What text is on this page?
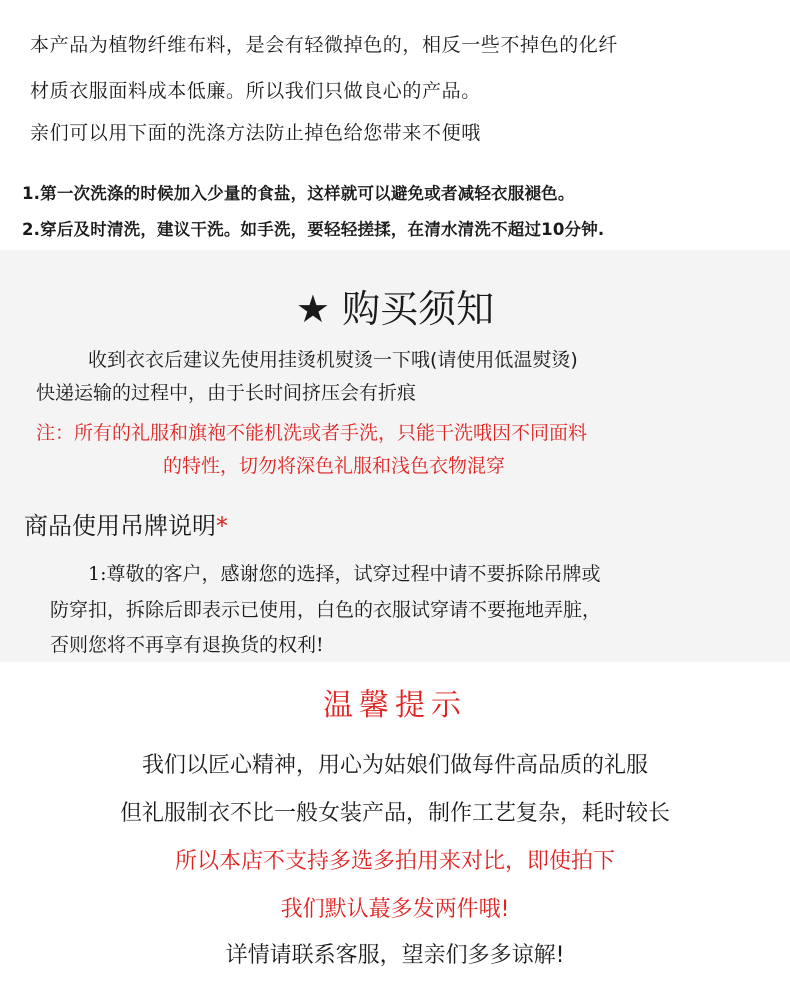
本产品为植物纤维布料，是会有轻微掉色的，相反一些不掉色的化纤
材质衣服面料成本低廉。所以我们只做良心的产品。
亲们可以用下面的洗涤方法防止掉色给您带来不便哦
1.第一次洗涤的时候加入少量的食盐，这样就可以避免或者减轻衣服褪色。
2.穿后及时清洗，建议干洗。如手洗，要轻轻搓揉，在清水清洗不超过10分钟.
★ 购买须知
收到衣衣后建议先使用挂烫机熨烫一下哦(请使用低温熨烫)
快递运输的过程中，由于长时间挤压会有折痕
注：所有的礼服和旗袍不能机洗或者手洗，只能干洗哦因不同面料
的特性，切勿将深色礼服和浅色衣物混穿
商品使用吊牌说明*
1:尊敬的客户，感谢您的选择，试穿过程中请不要拆除吊牌或
防穿扣，拆除后即表示已使用，白色的衣服试穿请不要拖地弄脏，
否则您将不再享有退换货的权利!
温馨提示
我们以匠心精神，用心为姑娘们做每件高品质的礼服
但礼服制衣不比一般女装产品，制作工艺复杂，耗时较长
所以本店不支持多选多拍用来对比，即使拍下
我们默认蕞多发两件哦!
详情请联系客服，望亲们多多谅解!
